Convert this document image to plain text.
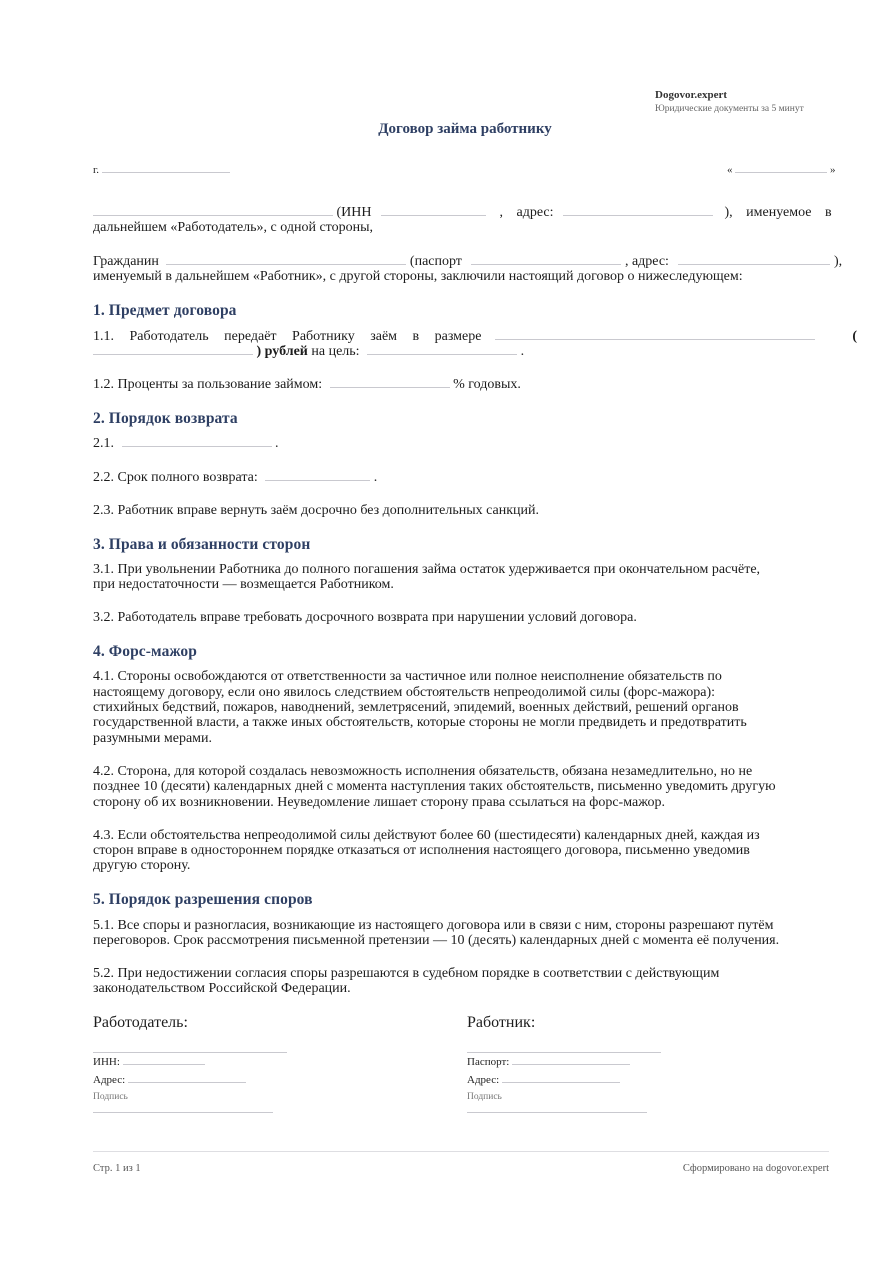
Dogovor.expert
Юридические документы за 5 минут
Договор займа работнику
г.	«	»
(ИНН	, адрес:	), именуемое в
дальнейшем «Работодатель», с одной стороны,
Гражданин	(паспорт	, адрес:	),
именуемый в дальнейшем «Работник», с другой стороны, заключили настоящий договор о нижеследующем:
1. Предмет договора
1.1. Работодатель передаёт Работнику заём в размере	(
) рублей на цель:	.
1.2. Проценты за пользование займом:	% годовых.
2. Порядок возврата
2.1.	.
2.2. Срок полного возврата:	.
2.3. Работник вправе вернуть заём досрочно без дополнительных санкций.
3. Права и обязанности сторон
3.1. При увольнении Работника до полного погашения займа остаток удерживается при окончательном расчёте,
при недостаточности — возмещается Работником.
3.2. Работодатель вправе требовать досрочного возврата при нарушении условий договора.
4. Форс-мажор
4.1. Стороны освобождаются от ответственности за частичное или полное неисполнение обязательств по
настоящему договору, если оно явилось следствием обстоятельств непреодолимой силы (форс-мажора):
стихийных бедствий, пожаров, наводнений, землетрясений, эпидемий, военных действий, решений органов
государственной власти, а также иных обстоятельств, которые стороны не могли предвидеть и предотвратить
разумными мерами.
4.2. Сторона, для которой создалась невозможность исполнения обязательств, обязана незамедлительно, но не
позднее 10 (десяти) календарных дней с момента наступления таких обстоятельств, письменно уведомить другую
сторону об их возникновении. Неуведомление лишает сторону права ссылаться на форс-мажор.
4.3. Если обстоятельства непреодолимой силы действуют более 60 (шестидесяти) календарных дней, каждая из
сторон вправе в одностороннем порядке отказаться от исполнения настоящего договора, письменно уведомив
другую сторону.
5. Порядок разрешения споров
5.1. Все споры и разногласия, возникающие из настоящего договора или в связи с ним, стороны разрешают путём
переговоров. Срок рассмотрения письменной претензии — 10 (десять) календарных дней с момента её получения.
5.2. При недостижении согласия споры разрешаются в судебном порядке в соответствии с действующим
законодательством Российской Федерации.
Работодатель:
ИНН:
Адрес:
Подпись
Работник:
Паспорт:
Адрес:
Подпись
Стр. 1 из 1	Сформировано на dogovor.expert
